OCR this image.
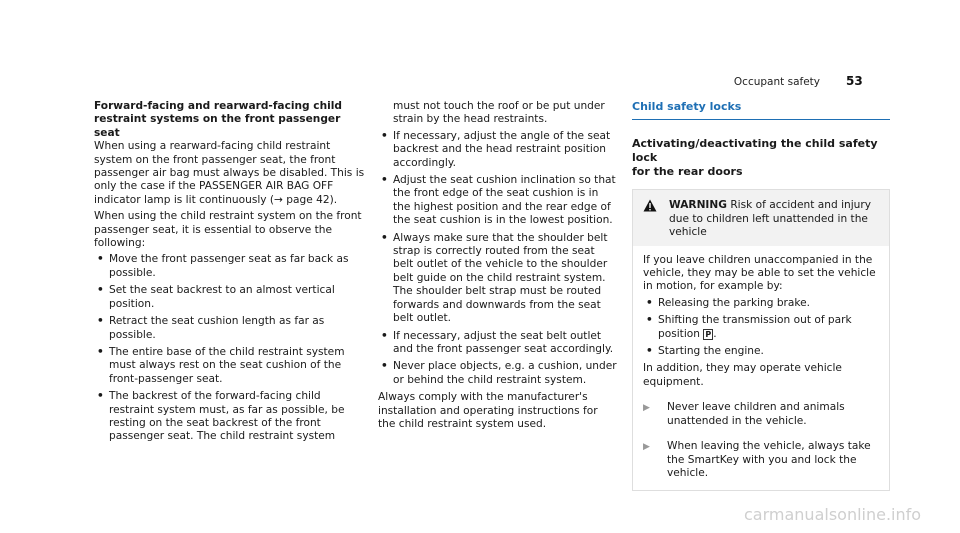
Occupant safety 53
Forward-facing and rearward-facing child
restraint systems on the front passenger
seat

When using a rearward-facing child restraint system on the front passenger seat, the front passenger air bag must always be disabled. This is only the case if the PASSENGER AIR BAG OFF indicator lamp is lit continuously (→ page 42).

When using the child restraint system on the front passenger seat, it is essential to observe the following:

• Move the front passenger seat as far back as possible.
• Set the seat backrest to an almost vertical position.
• Retract the seat cushion length as far as possible.
• The entire base of the child restraint system must always rest on the seat cushion of the front-passenger seat.
• The backrest of the forward-facing child restraint system must, as far as possible, be resting on the seat backrest of the front passenger seat. The child restraint system

must not touch the roof or be put under strain by the head restraints.

• If necessary, adjust the angle of the seat backrest and the head restraint position accordingly.
• Adjust the seat cushion inclination so that the front edge of the seat cushion is in the highest position and the rear edge of the seat cushion is in the lowest position.
• Always make sure that the shoulder belt strap is correctly routed from the seat belt outlet of the vehicle to the shoulder belt guide on the child restraint system. The shoulder belt strap must be routed forwards and downwards from the seat belt outlet.
• If necessary, adjust the seat belt outlet and the front passenger seat accordingly.
• Never place objects, e.g. a cushion, under or behind the child restraint system.

Always comply with the manufacturer's installation and operating instructions for the child restraint system used.

Child safety locks
Activating/deactivating the child safety lock
for the rear doors
WARNING Risk of accident and injury due to children left unattended in the vehicle

If you leave children unaccompanied in the vehicle, they may be able to set the vehicle in motion, for example by:

• Releasing the parking brake.
• Shifting the transmission out of park position P .
• Starting the engine.

In addition, they may operate vehicle equipment.

▶	Never leave children and animals unattended in the vehicle.
▶	When leaving the vehicle, always take the SmartKey with you and lock the vehicle.
carmanualsonline.info
